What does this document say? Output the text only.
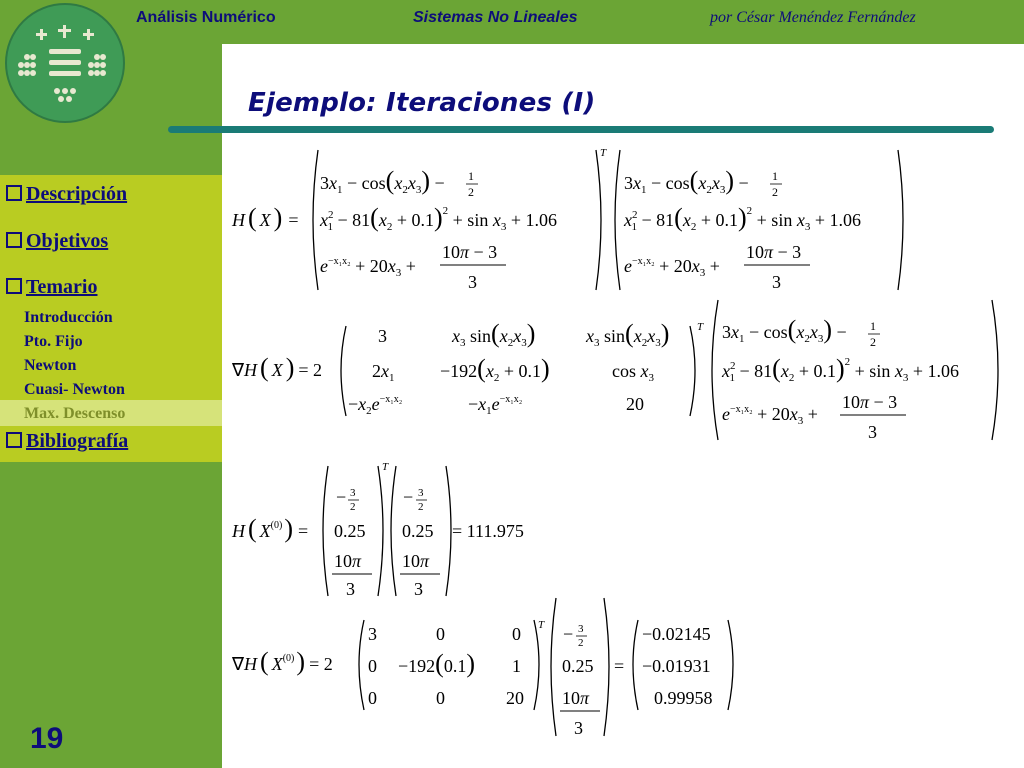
Análisis Numérico	Sistemas No Lineales	por César Menéndez Fernández
Ejemplo: Iteraciones (I)
Descripción
Objetivos
Temario
Introducción
Pto. Fijo
Newton
Cuasi- Newton
Max. Descenso
Bibliografía
19
H ( X ) =
$3x_1 - \cos(x_2x_3) - 1$
2
$x^2$ $1 - 81(x_2 + 0.1)^2 + \sin x_3 + 1.06$
$e^{-x_1x_2} + 20x_3$ +
10π − 3
3
T
$3x_1 - \cos(x_2x_3) - 1$
2
$x^2$ $1 - 81(x_2 + 0.1)^2 + \sin x_3 + 1.06$
$e^{-x_1x_2} + 20x_3$ +
10π − 3
3
∇H ( X ) = 2
3	$x_3$ $\sin(x_2x_3)$	$x_3$ $\sin(x_2x_3)$
$2x_1$	$-192(x_2 + 0.1)$	$\cos x_3$
$-x_2e^{-x_1x_2}$	$-x_1e^{-x_1x_2}$	20
T $3x_1 - \cos(x_2x_3) - 1$
2
$x^2$ $1 - 81(x_2 + 0.1)^2 + \sin x_3 + 1.06$
$e^{-x_1x_2} + 20x_3$ +
10π − 3
3
H ( $X^{(0)}$) =
− 3
2
0.25
10π
3
T
− 3
2
0.25
10π
3
= 111.975
∇H ( $X^{(0)}) = 2$
3	0	0
0 −192(0.1) 1
0	0	20
T − 3
2
0.25
10π
3
=
−0.02145
−0.01931
0.99958
